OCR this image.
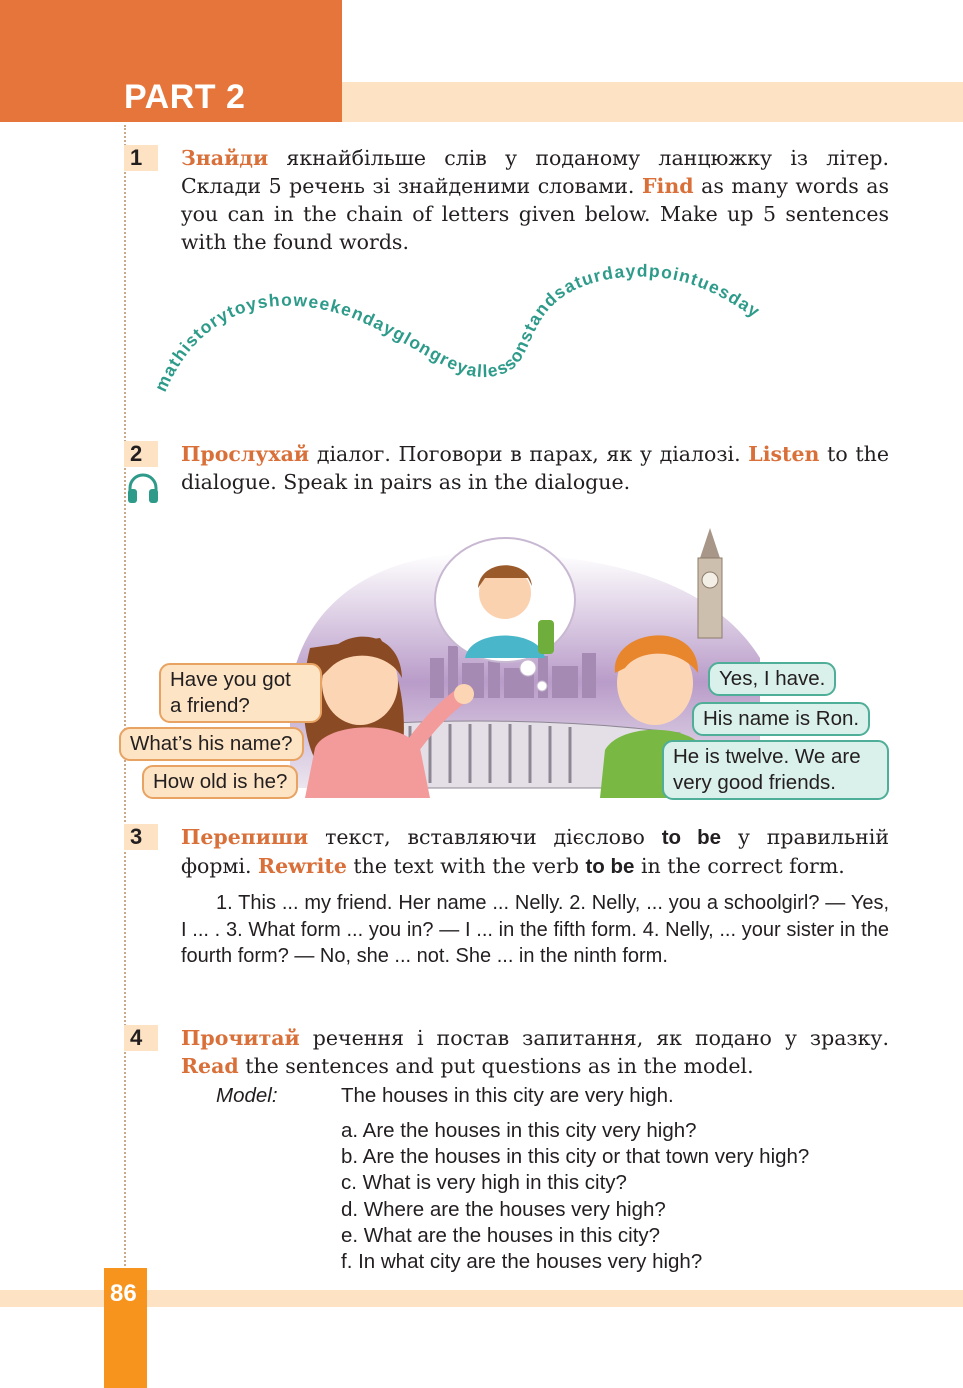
PART 2
1	Знайди якнайбільше слів у поданому ланцюжку із літер. Склади 5 речень зі знайденими словами. Find as many words as you can in the chain of letters given below. Make up 5 sentences with the found words.

mathistorytoyshoweekendayglongreyallessonstandsaturdaydpointuesday
2	Прослухай діалог. Поговори в парах, як у діалозі. Listen to the dialogue. Speak in pairs as in the dialogue.

Have you got
a friend?
What’s his name?
How old is he?
Yes, I have.
His name is Ron.
He is twelve. We are
very good friends.
3	Перепиши текст, вставляючи дієслово to be у правильній формі. Rewrite the text with the verb to be in the correct form.

1. This ... my friend. Her name ... Nelly. 2. Nelly, ... you a schoolgirl? — Yes, I ... . 3. What form ... you in? — I ... in the fifth form. 4. Nelly, ... your sister in the fourth form? — No, she ... not. She ... in the ninth form.

4	Прочитай речення і постав запитання, як подано у зразку. Read the sentences and put questions as in the model.

Model:	The houses in this city are very high.
a. Are the houses in this city very high?
b. Are the houses in this city or that town very high?
c. What is very high in this city?
d. Where are the houses very high?
e. What are the houses in this city?
f. In what city are the houses very high?
86
